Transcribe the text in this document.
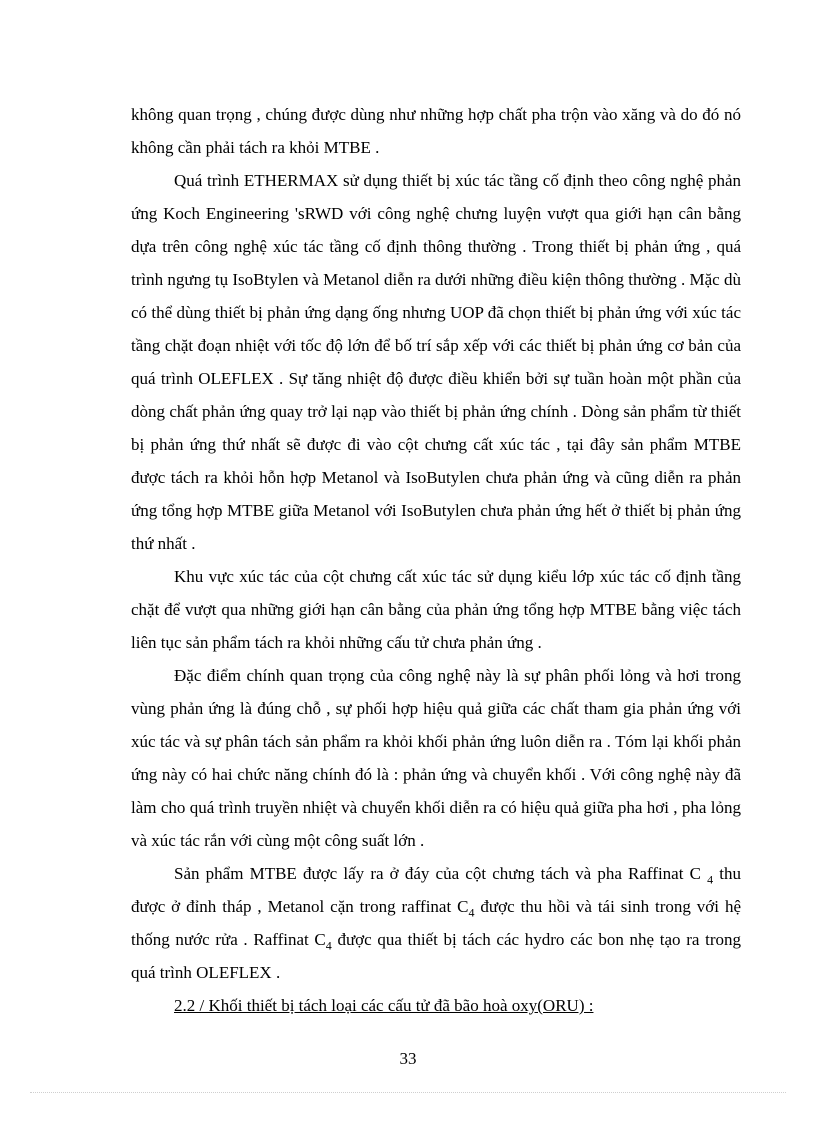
không quan trọng , chúng được dùng như những hợp chất pha trộn vào xăng và do đó nó không cần phải tách ra khỏi MTBE .

Quá trình ETHERMAX sử dụng thiết bị xúc tác tầng cố định theo công nghệ phản ứng Koch Engineering 'sRWD với công nghệ chưng luyện vượt qua giới hạn cân bằng dựa trên công nghệ xúc tác tầng cố định thông thường . Trong thiết bị phản ứng , quá trình ngưng tụ IsoBtylen và Metanol diễn ra dưới những điều kiện thông thường . Mặc dù có thể dùng thiết bị phản ứng dạng ống nhưng UOP đã chọn thiết bị phản ứng với xúc tác tầng chặt đoạn nhiệt với tốc độ lớn để bố trí sắp xếp với các thiết bị phản ứng cơ bản của quá trình OLEFLEX . Sự tăng nhiệt độ được điều khiển bởi sự tuần hoàn một phần của dòng chất phản ứng quay trở lại nạp vào thiết bị phản ứng chính . Dòng sản phẩm từ thiết bị phản ứng thứ nhất sẽ được đi vào cột chưng cất xúc tác , tại đây sản phẩm MTBE được tách ra khỏi hỗn hợp Metanol và IsoButylen chưa phản ứng và cũng diễn ra phản ứng tổng hợp MTBE giữa Metanol với IsoButylen chưa phản ứng hết ở thiết bị phản ứng thứ nhất .

Khu vực xúc tác của cột chưng cất xúc tác sử dụng kiểu lớp xúc tác cố định tầng chặt để vượt qua những giới hạn cân bằng của phản ứng tổng hợp MTBE bằng việc tách liên tục sản phẩm tách ra khỏi những cấu tử chưa phản ứng .

Đặc điểm chính quan trọng của công nghệ này là sự phân phối lỏng và hơi trong vùng phản ứng là đúng chỗ , sự phối hợp hiệu quả giữa các chất tham gia phản ứng với xúc tác và sự phân tách sản phẩm ra khỏi khối phản ứng luôn diễn ra . Tóm lại khối phản ứng này có hai chức năng chính đó là : phản ứng và chuyển khối . Với công nghệ này đã làm cho quá trình truyền nhiệt và chuyển khối diễn ra có hiệu quả giữa pha hơi , pha lỏng và xúc tác rắn với cùng một công suất lớn .

Sản phẩm MTBE được lấy ra ở đáy của cột chưng tách và pha Raffinat C $_4$ thu được ở đỉnh tháp , Metanol cặn trong raffinat $C_4$ được thu hồi và tái sinh trong với hệ thống nước rửa . Raffinat $C_4$ được qua thiết bị tách các hydro các bon nhẹ tạo ra trong quá trình OLEFLEX .

2.2 / Khối thiết bị tách loại các cấu tử đã bão hoà oxy(ORU) :
33
